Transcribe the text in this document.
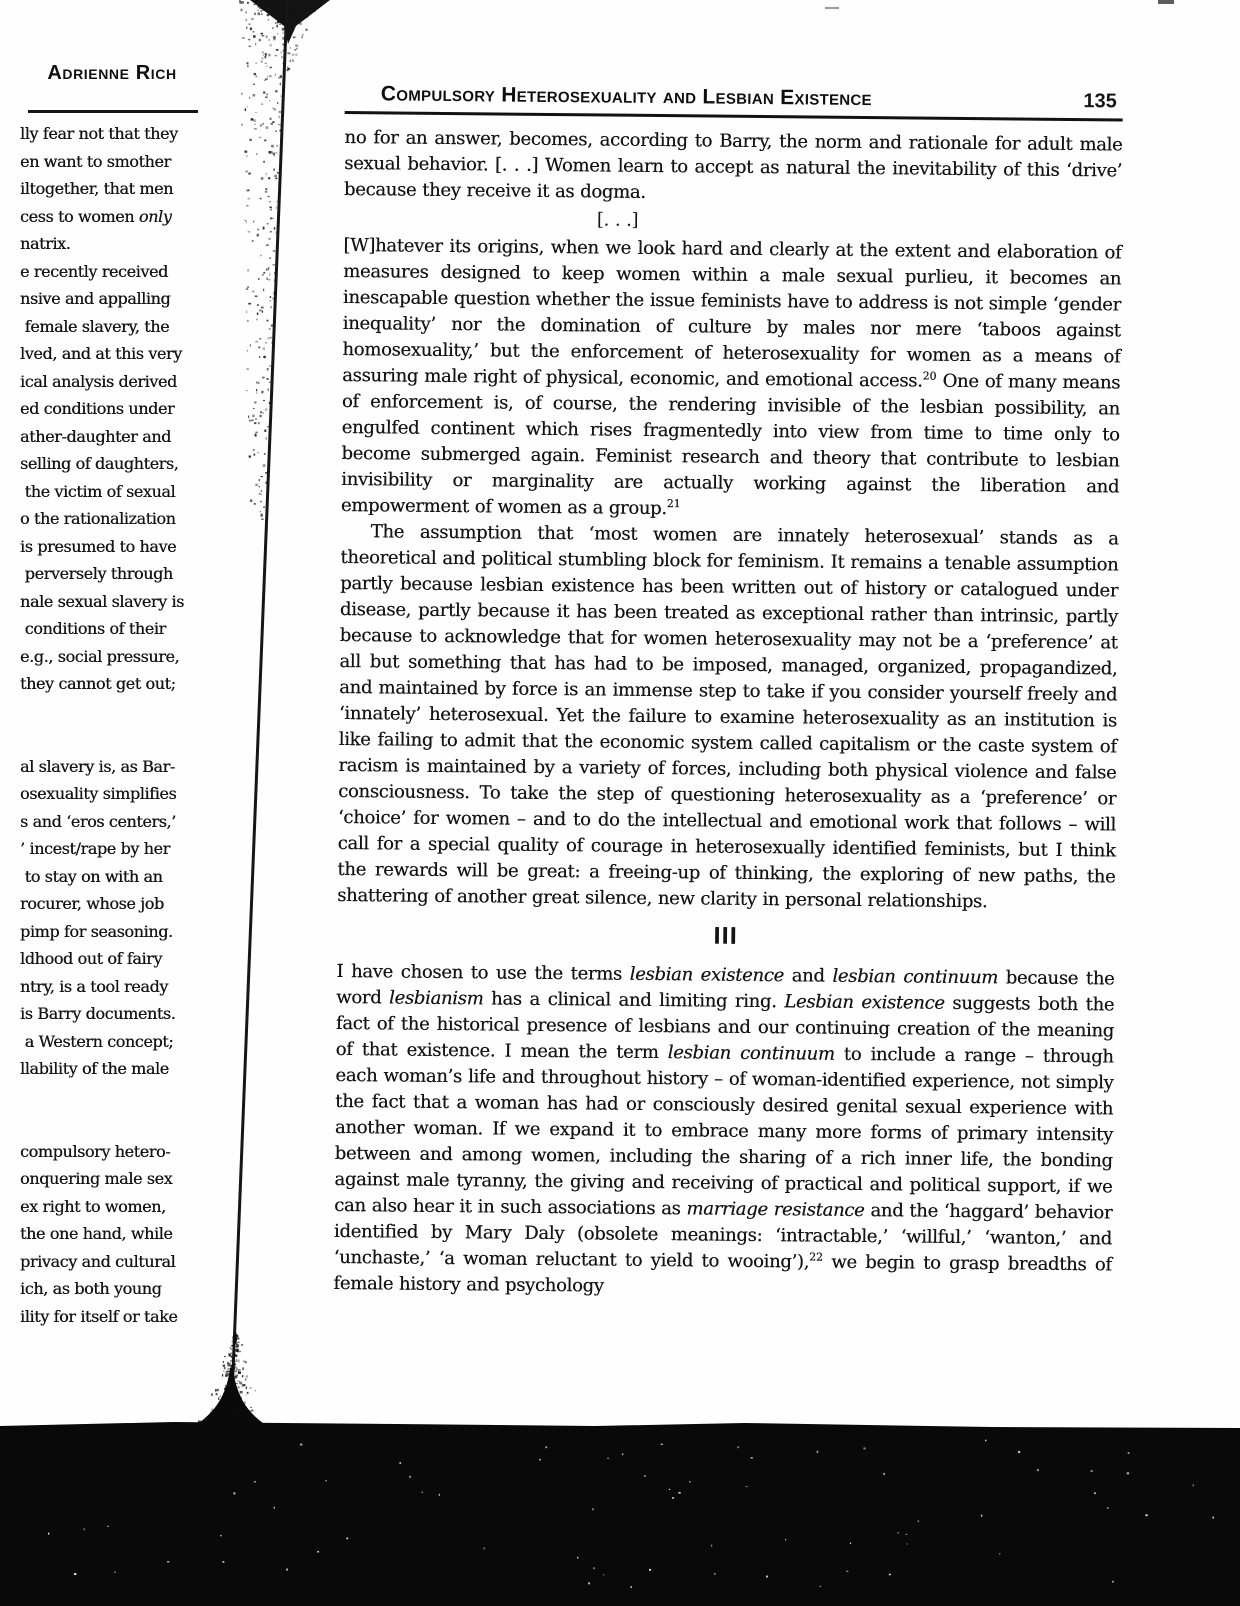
Adrienne Rich
lly fear not that they
en want to smother
iltogether, that men
cess to women only
natrix.
e recently received
nsive and appalling
female slavery, the
lved, and at this very
ical analysis derived
ed conditions under
ather-daughter and
selling of daughters,
the victim of sexual
o the rationalization
is presumed to have
perversely through
nale sexual slavery is
conditions of their
e.g., social pressure,
they cannot get out;

al slavery is, as Bar-
osexuality simplifies
s and ‘eros centers,’
’ incest/rape by her
to stay on with an
rocurer, whose job
pimp for seasoning.
ldhood out of fairy
ntry, is a tool ready
is Barry documents.
a Western concept;
llability of the male

compulsory hetero-
onquering male sex
ex right to women,
the one hand, while
privacy and cultural
ich, as both young
ility for itself or take
Compulsory Heterosexuality and Lesbian Existence	135

no for an answer, becomes, according to Barry, the norm and rationale for adult male sexual behavior. [. . .] Women learn to accept as natural the inevitability of this ‘drive’ because they receive it as dogma.

[. . .]

[W]hatever its origins, when we look hard and clearly at the extent and elaboration of measures designed to keep women within a male sexual purlieu, it becomes an inescapable question whether the issue feminists have to address is not simple ‘gender inequality’ nor the domination of culture by males nor mere ‘taboos against homosexuality,’ but the enforcement of heterosexuality for women as a means of assuring male right of physical, economic, and emotional access.$^{20}$ One of many means of enforcement is, of course, the rendering invisible of the lesbian possibility, an engulfed continent which rises fragmentedly into view from time to time only to become submerged again. Feminist research and theory that contribute to lesbian invisibility or marginality are actually working against the liberation and empowerment of women as a group.$^{21}$

The assumption that ‘most women are innately heterosexual’ stands as a theoretical and political stumbling block for feminism. It remains a tenable assumption partly because lesbian existence has been written out of history or catalogued under disease, partly because it has been treated as exceptional rather than intrinsic, partly because to acknowledge that for women heterosexuality may not be a ‘preference’ at all but something that has had to be imposed, managed, organized, propagandized, and maintained by force is an immense step to take if you consider yourself freely and ‘innately’ heterosexual. Yet the failure to examine heterosexuality as an institution is like failing to admit that the economic system called capitalism or the caste system of racism is maintained by a variety of forces, including both physical violence and false consciousness. To take the step of questioning heterosexuality as a ‘preference’ or ‘choice’ for women – and to do the intellectual and emotional work that follows – will call for a special quality of courage in heterosexually identified feminists, but I think the rewards will be great: a freeing-up of thinking, the exploring of new paths, the shattering of another great silence, new clarity in personal relationships.

III

I have chosen to use the terms lesbian existence and lesbian continuum because the word lesbianism has a clinical and limiting ring. Lesbian existence suggests both the fact of the historical presence of lesbians and our continuing creation of the meaning of that existence. I mean the term lesbian continuum to include a range – through each woman’s life and throughout history – of woman-identified experience, not simply the fact that a woman has had or consciously desired genital sexual experience with another woman. If we expand it to embrace many more forms of primary intensity between and among women, including the sharing of a rich inner life, the bonding against male tyranny, the giving and receiving of practical and political support, if we can also hear it in such associations as marriage resistance and the ‘haggard’ behavior identified by Mary Daly (obsolete meanings: ‘intractable,’ ‘willful,’ ‘wanton,’ and ‘unchaste,’ ‘a woman reluctant to yield to wooing’),$^{22}$ we begin to grasp breadths of female history and psychology
